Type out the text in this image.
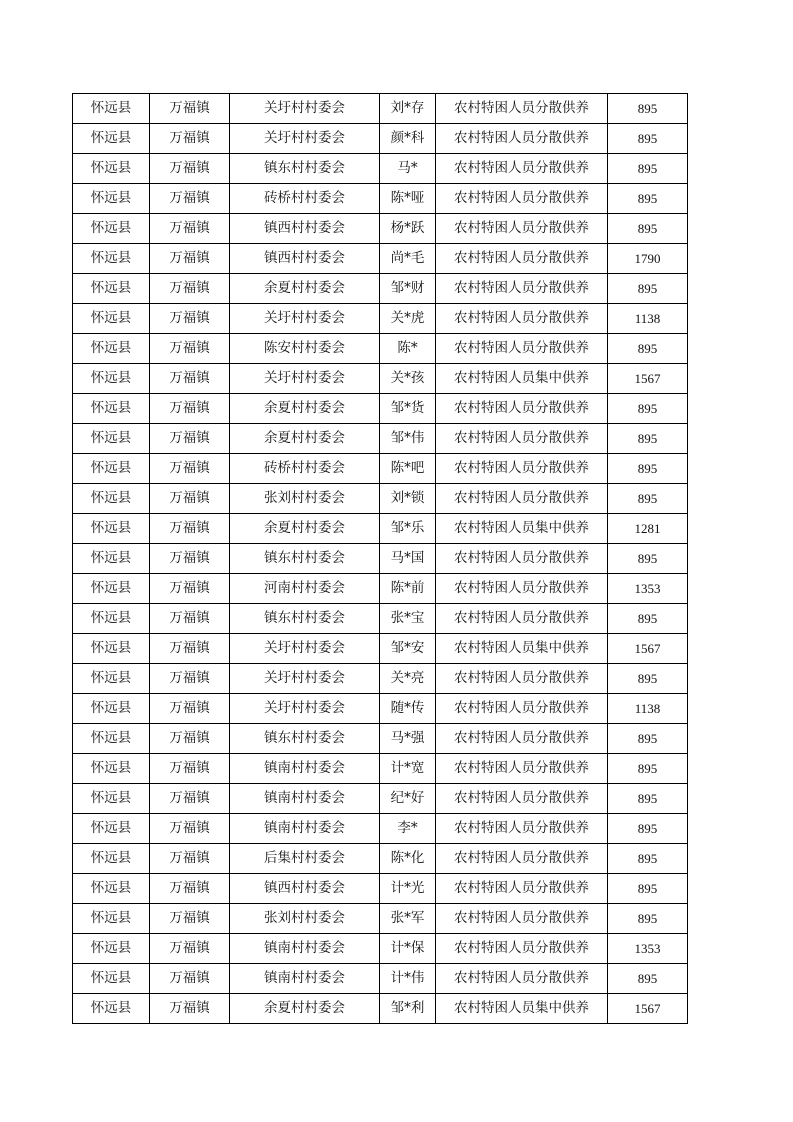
怀远县	万福镇	关圩村村委会	刘*存	农村特困人员分散供养	895
怀远县	万福镇	关圩村村委会	颜*科	农村特困人员分散供养	895
怀远县	万福镇	镇东村村委会	马*	农村特困人员分散供养	895
怀远县	万福镇	砖桥村村委会	陈*哑	农村特困人员分散供养	895
怀远县	万福镇	镇西村村委会	杨*跃	农村特困人员分散供养	895
怀远县	万福镇	镇西村村委会	尚*毛	农村特困人员分散供养	1790
怀远县	万福镇	余夏村村委会	邹*财	农村特困人员分散供养	895
怀远县	万福镇	关圩村村委会	关*虎	农村特困人员分散供养	1138
怀远县	万福镇	陈安村村委会	陈*	农村特困人员分散供养	895
怀远县	万福镇	关圩村村委会	关*孩	农村特困人员集中供养	1567
怀远县	万福镇	余夏村村委会	邹*货	农村特困人员分散供养	895
怀远县	万福镇	余夏村村委会	邹*伟	农村特困人员分散供养	895
怀远县	万福镇	砖桥村村委会	陈*吧	农村特困人员分散供养	895
怀远县	万福镇	张刘村村委会	刘*锁	农村特困人员分散供养	895
怀远县	万福镇	余夏村村委会	邹*乐	农村特困人员集中供养	1281
怀远县	万福镇	镇东村村委会	马*国	农村特困人员分散供养	895
怀远县	万福镇	河南村村委会	陈*前	农村特困人员分散供养	1353
怀远县	万福镇	镇东村村委会	张*宝	农村特困人员分散供养	895
怀远县	万福镇	关圩村村委会	邹*安	农村特困人员集中供养	1567
怀远县	万福镇	关圩村村委会	关*亮	农村特困人员分散供养	895
怀远县	万福镇	关圩村村委会	随*传	农村特困人员分散供养	1138
怀远县	万福镇	镇东村村委会	马*强	农村特困人员分散供养	895
怀远县	万福镇	镇南村村委会	计*宽	农村特困人员分散供养	895
怀远县	万福镇	镇南村村委会	纪*好	农村特困人员分散供养	895
怀远县	万福镇	镇南村村委会	李*	农村特困人员分散供养	895
怀远县	万福镇	后集村村委会	陈*化	农村特困人员分散供养	895
怀远县	万福镇	镇西村村委会	计*光	农村特困人员分散供养	895
怀远县	万福镇	张刘村村委会	张*军	农村特困人员分散供养	895
怀远县	万福镇	镇南村村委会	计*保	农村特困人员分散供养	1353
怀远县	万福镇	镇南村村委会	计*伟	农村特困人员分散供养	895
怀远县	万福镇	余夏村村委会	邹*利	农村特困人员集中供养	1567
